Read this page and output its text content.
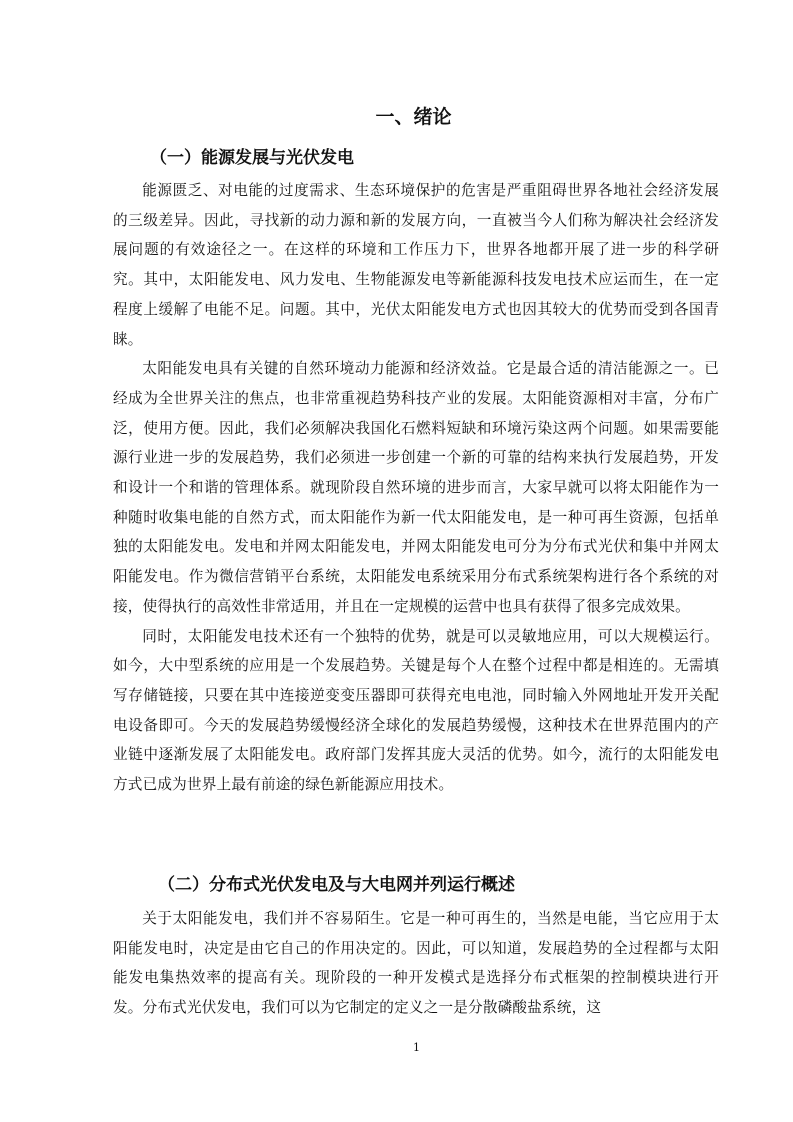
一、绪论
（一）能源发展与光伏发电

能源匮乏、对电能的过度需求、生态环境保护的危害是严重阻碍世界各地社会经济发展的三级差异。因此，寻找新的动力源和新的发展方向，一直被当今人们称为解决社会经济发展问题的有效途径之一。在这样的环境和工作压力下，世界各地都开展了进一步的科学研究。其中，太阳能发电、风力发电、生物能源发电等新能源科技发电技术应运而生，在一定程度上缓解了电能不足。问题。其中，光伏太阳能发电方式也因其较大的优势而受到各国青睐。

太阳能发电具有关键的自然环境动力能源和经济效益。它是最合适的清洁能源之一。已经成为全世界关注的焦点，也非常重视趋势科技产业的发展。太阳能资源相对丰富，分布广泛，使用方便。因此，我们必须解决我国化石燃料短缺和环境污染这两个问题。如果需要能源行业进一步的发展趋势，我们必须进一步创建一个新的可靠的结构来执行发展趋势，开发和设计一个和谐的管理体系。就现阶段自然环境的进步而言，大家早就可以将太阳能作为一种随时收集电能的自然方式，而太阳能作为新一代太阳能发电，是一种可再生资源，包括单独的太阳能发电。发电和并网太阳能发电，并网太阳能发电可分为分布式光伏和集中并网太阳能发电。作为微信营销平台系统，太阳能发电系统采用分布式系统架构进行各个系统的对接，使得执行的高效性非常适用，并且在一定规模的运营中也具有获得了很多完成效果。

同时，太阳能发电技术还有一个独特的优势，就是可以灵敏地应用，可以大规模运行。如今，大中型系统的应用是一个发展趋势。关键是每个人在整个过程中都是相连的。无需填写存储链接，只要在其中连接逆变变压器即可获得充电电池，同时输入外网地址开发开关配电设备即可。今天的发展趋势缓慢经济全球化的发展趋势缓慢，这种技术在世界范围内的产业链中逐渐发展了太阳能发电。政府部门发挥其庞大灵活的优势。如今，流行的太阳能发电方式已成为世界上最有前途的绿色新能源应用技术。

（二）分布式光伏发电及与大电网并列运行概述

关于太阳能发电，我们并不容易陌生。它是一种可再生的，当然是电能，当它应用于太阳能发电时，决定是由它自己的作用决定的。因此，可以知道，发展趋势的全过程都与太阳能发电集热效率的提高有关。现阶段的一种开发模式是选择分布式框架的控制模块进行开发。分布式光伏发电，我们可以为它制定的定义之一是分散磷酸盐系统，这

1
